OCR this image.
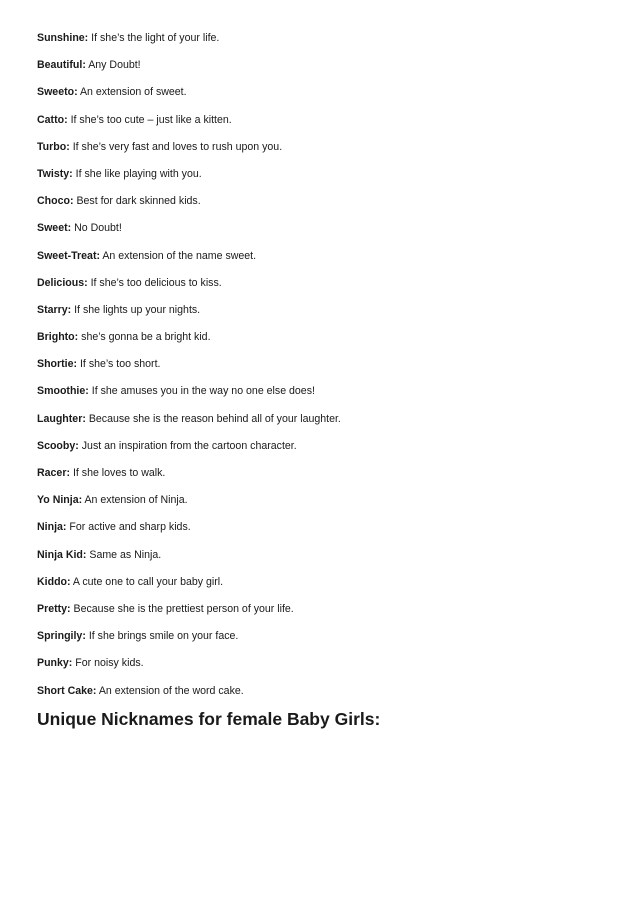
Sunshine: If she’s the light of your life.
Beautiful: Any Doubt!
Sweeto: An extension of sweet.
Catto: If she’s too cute – just like a kitten.
Turbo: If she’s very fast and loves to rush upon you.
Twisty: If she like playing with you.
Choco: Best for dark skinned kids.
Sweet: No Doubt!
Sweet-Treat: An extension of the name sweet.
Delicious: If she’s too delicious to kiss.
Starry: If she lights up your nights.
Brighto: she’s gonna be a bright kid.
Shortie: If she’s too short.
Smoothie: If she amuses you in the way no one else does!
Laughter: Because she is the reason behind all of your laughter.
Scooby: Just an inspiration from the cartoon character.
Racer: If she loves to walk.
Yo Ninja: An extension of Ninja.
Ninja: For active and sharp kids.
Ninja Kid: Same as Ninja.
Kiddo: A cute one to call your baby girl.
Pretty: Because she is the prettiest person of your life.
Springily: If she brings smile on your face.
Punky: For noisy kids.
Short Cake: An extension of the word cake.
Unique Nicknames for female Baby Girls:
